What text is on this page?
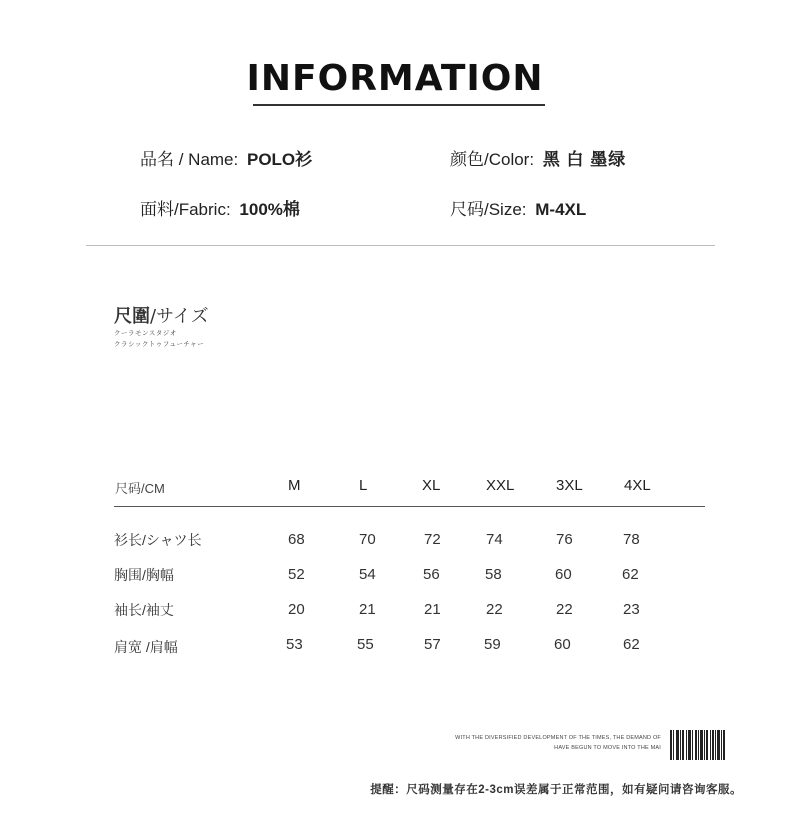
INFORMATION
品名 / Name: POLO衫	颜色/Color: 黑 白 墨绿
面料/Fabric: 100%棉	尺码/Size: M-4XL
尺圍/サイズ
クーラモンスタジオ
クラシックトゥフューチャー
尺码/CM	M	L	XL	XXL	3XL	4XL
衫长/シャツ长	68	70	72	74	76	78
胸围/胸幅	52	54	56	58	60	62
袖长/袖丈	20	21	21	22	22	23
肩宽 /肩幅	53	55	57	59	60	62
WITH THE DIVERSIFIED DEVELOPMENT OF THE TIMES, THE DEMAND OF
HAVE BEGUN TO MOVE INTO THE MAI
提醒：尺码测量存在2-3cm误差属于正常范围，如有疑问请咨询客服。
